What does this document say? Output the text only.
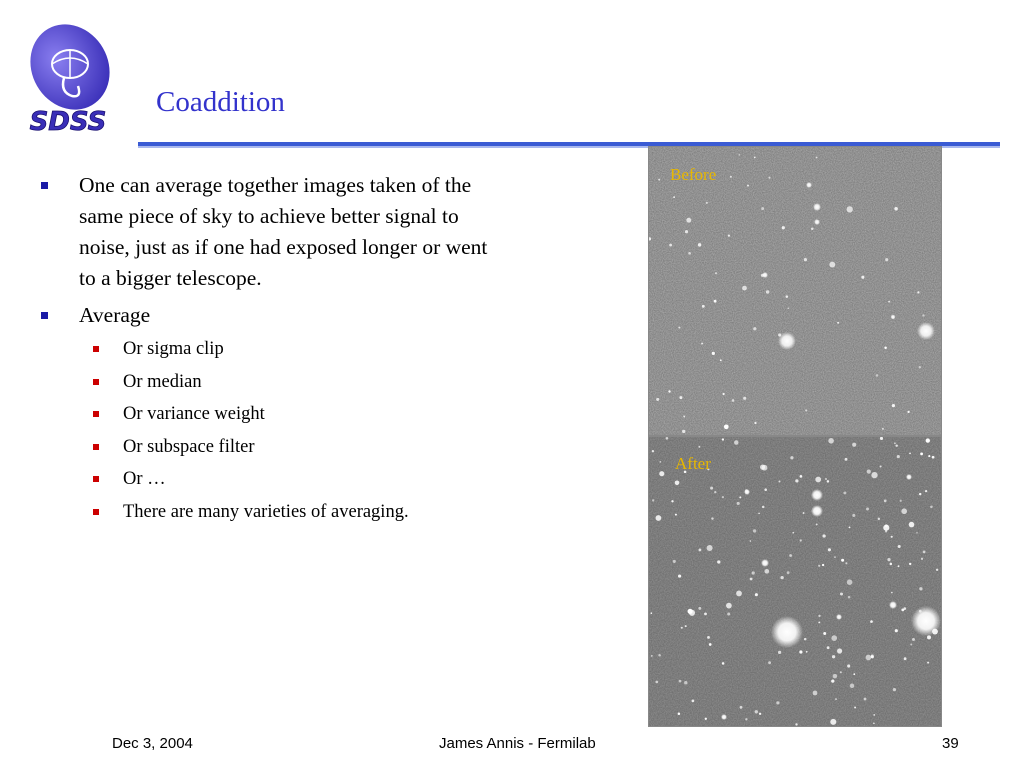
SDSS
Coaddition
One can average together images taken of the same piece of sky to achieve better signal to noise, just as if one had exposed longer or went to a bigger telescope.
Average
Or sigma clip
Or median
Or variance weight
Or subspace filter
Or …
There are many varieties of averaging.
Before
After
Dec 3, 2004	James Annis - Fermilab	39
